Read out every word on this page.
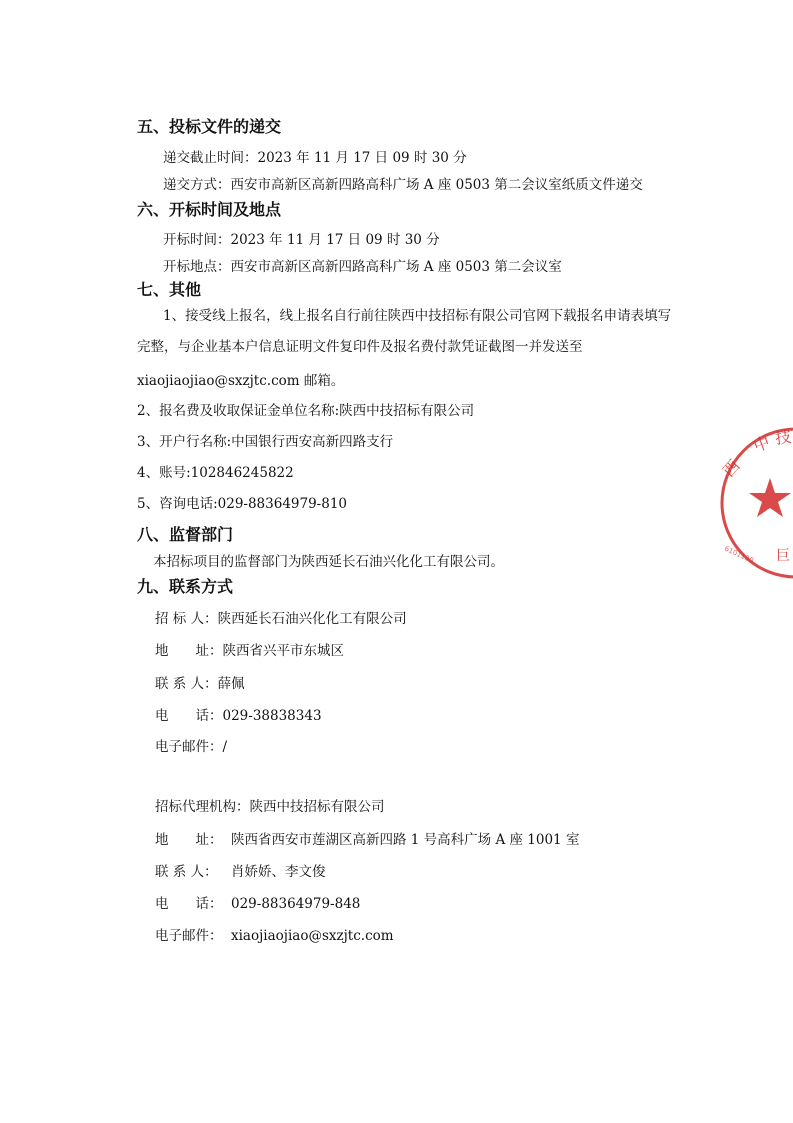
五、投标文件的递交
递交截止时间：2023 年 11 月 17 日 09 时 30 分
递交方式：西安市高新区高新四路高科广场 A 座 0503 第二会议室纸质文件递交
六、开标时间及地点
开标时间：2023 年 11 月 17 日 09 时 30 分
开标地点：西安市高新区高新四路高科广场 A 座 0503 第二会议室
七、其他
1、接受线上报名，线上报名自行前往陕西中技招标有限公司官网下载报名申请表填写
完整，与企业基本户信息证明文件复印件及报名费付款凭证截图一并发送至
xiaojiaojiao@sxzjtc.com 邮箱。
2、报名费及收取保证金单位名称:陕西中技招标有限公司
3、开户行名称:中国银行西安高新四路支行
4、账号:102846245822
5、咨询电话:029-88364979-810
八、监督部门
本招标项目的监督部门为陕西延长石油兴化化工有限公司。
九、联系方式
招 标 人：陕西延长石油兴化化工有限公司
地　　址：陕西省兴平市东城区
联 系 人：薛佩
电　　话：029-38838343
电子邮件：/
招标代理机构：陕西中技招标有限公司
地　　址： 陕西省西安市莲湖区高新四路 1 号高科广场 A 座 1001 室
联 系 人： 肖娇娇、李文俊
电　　话： 029-88364979-848
电子邮件： xiaojiaojiao@sxzjtc.com
中 技
西
6101130 巨
